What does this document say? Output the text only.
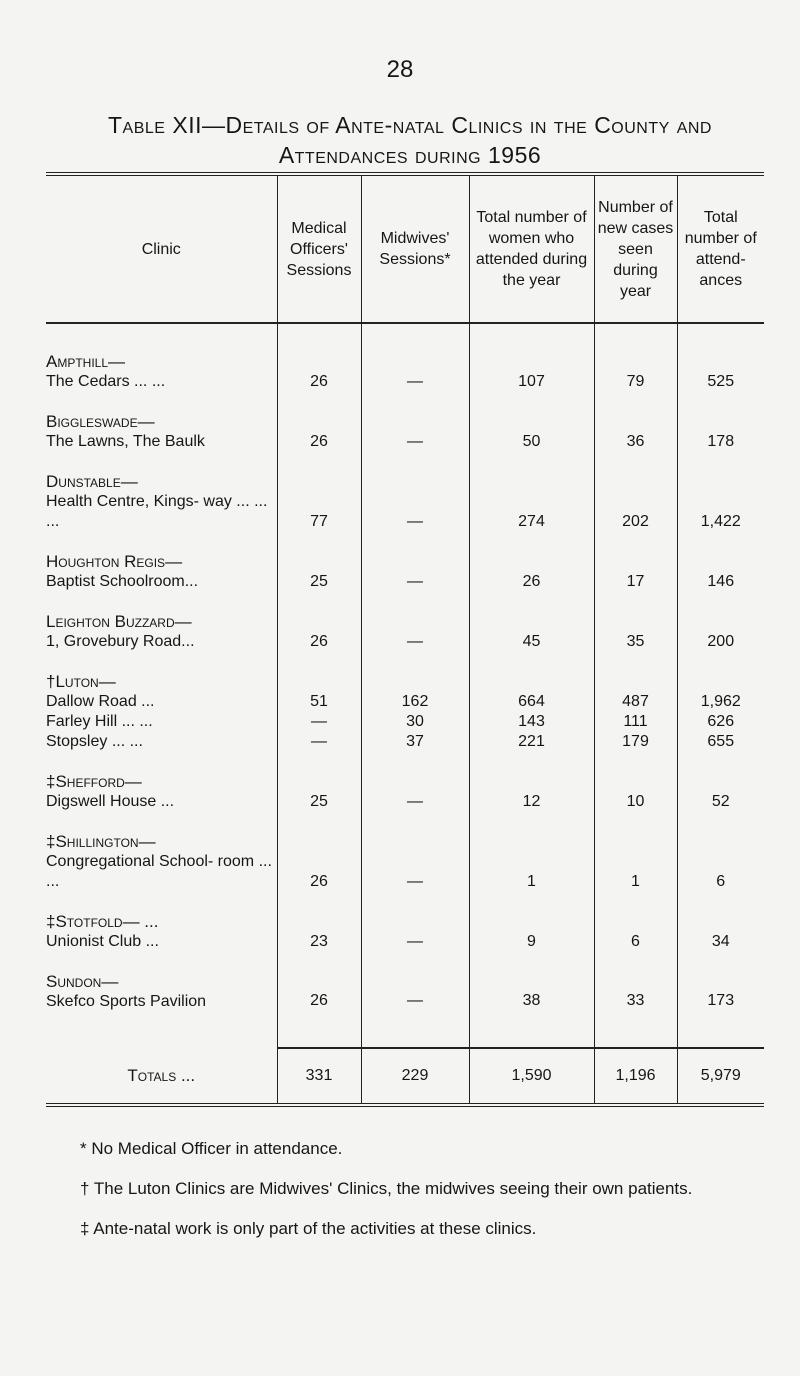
28
Table XII—Details of Ante-natal Clinics in the County and
Attendances during 1956
Clinic	Medical Officers' Sessions	Midwives' Sessions*	Total number of women who attended during the year	Number of new cases seen during year	Total number of attend- ances

Ampthill—
The Cedars ... ...	26	—	107	79	525

Biggleswade—
The Lawns, The Baulk	26	—	50	36	178

Dunstable—
Health Centre, Kings- way ... ... ...	77	—	274	202	1,422

Houghton Regis—
Baptist Schoolroom...	25	—	26	17	146

Leighton Buzzard—
1, Grovebury Road...	26	—	45	35	200

†Luton—
Dallow Road ...	51	162	664	487	1,962

Farley Hill ... ...	—	30	143	111	626

Stopsley ... ...	—	37	221	179	655

‡Shefford—
Digswell House ...	25	—	12	10	52

‡Shillington—
Congregational School- room ... ...	26	—	1	1	6

‡Stotfold— ...
Unionist Club ...	23	—	9	6	34

Sundon—
Skefco Sports Pavilion	26	—	38	33	173
Totals ...	331	229	1,590	1,196	5,979

* No Medical Officer in attendance.

† The Luton Clinics are Midwives' Clinics, the midwives seeing their own patients.

‡ Ante-natal work is only part of the activities at these clinics.
